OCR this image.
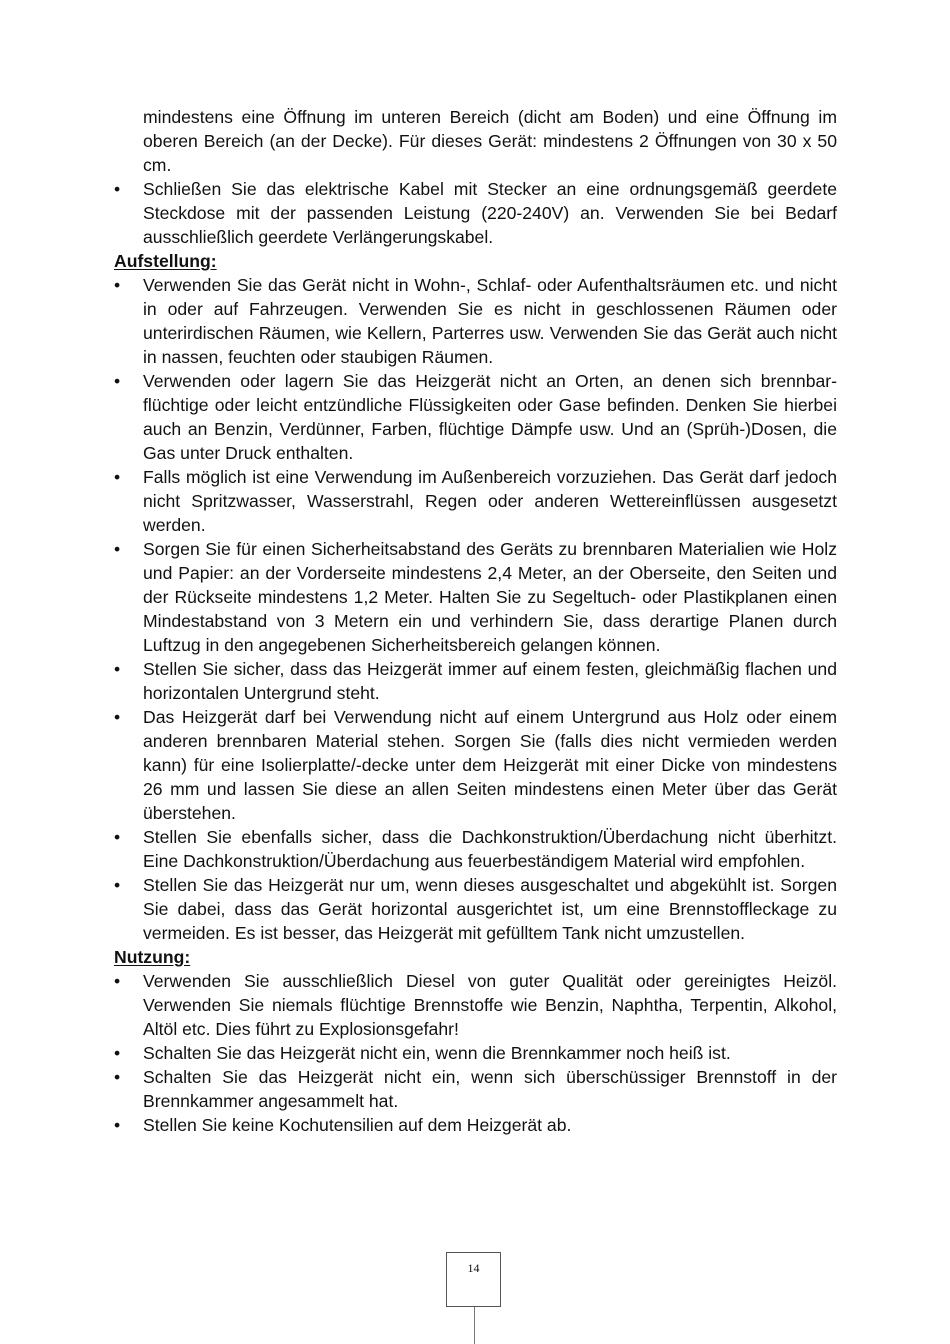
mindestens eine Öffnung im unteren Bereich (dicht am Boden) und eine Öffnung im oberen Bereich (an der Decke). Für dieses Gerät: mindestens 2 Öffnungen von 30 x 50 cm.
•	Schließen Sie das elektrische Kabel mit Stecker an eine ordnungsgemäß geerdete Steckdose mit der passenden Leistung (220-240V) an. Verwenden Sie bei Bedarf ausschließlich geerdete Verlängerungskabel.
Aufstellung:
•	Verwenden Sie das Gerät nicht in Wohn-, Schlaf- oder Aufenthaltsräumen etc. und nicht in oder auf Fahrzeugen. Verwenden Sie es nicht in geschlossenen Räumen oder unterirdischen Räumen, wie Kellern, Parterres usw. Verwenden Sie das Gerät auch nicht in nassen, feuchten oder staubigen Räumen.
•	Verwenden oder lagern Sie das Heizgerät nicht an Orten, an denen sich brennbar-flüchtige oder leicht entzündliche Flüssigkeiten oder Gase befinden. Denken Sie hierbei auch an Benzin, Verdünner, Farben, flüchtige Dämpfe usw. Und an (Sprüh-)Dosen, die Gas unter Druck enthalten.
•	Falls möglich ist eine Verwendung im Außenbereich vorzuziehen. Das Gerät darf jedoch nicht Spritzwasser, Wasserstrahl, Regen oder anderen Wettereinflüssen ausgesetzt werden.
•	Sorgen Sie für einen Sicherheitsabstand des Geräts zu brennbaren Materialien wie Holz und Papier: an der Vorderseite mindestens 2,4 Meter, an der Oberseite, den Seiten und der Rückseite mindestens 1,2 Meter. Halten Sie zu Segeltuch- oder Plastikplanen einen Mindestabstand von 3 Metern ein und verhindern Sie, dass derartige Planen durch Luftzug in den angegebenen Sicherheitsbereich gelangen können.
•	Stellen Sie sicher, dass das Heizgerät immer auf einem festen, gleichmäßig flachen und horizontalen Untergrund steht.
•	Das Heizgerät darf bei Verwendung nicht auf einem Untergrund aus Holz oder einem anderen brennbaren Material stehen. Sorgen Sie (falls dies nicht vermieden werden kann) für eine Isolierplatte/-decke unter dem Heizgerät mit einer Dicke von mindestens 26 mm und lassen Sie diese an allen Seiten mindestens einen Meter über das Gerät überstehen.
•	Stellen Sie ebenfalls sicher, dass die Dachkonstruktion/Überdachung nicht überhitzt. Eine Dachkonstruktion/Überdachung aus feuerbeständigem Material wird empfohlen.
•	Stellen Sie das Heizgerät nur um, wenn dieses ausgeschaltet und abgekühlt ist. Sorgen Sie dabei, dass das Gerät horizontal ausgerichtet ist, um eine Brennstoffleckage zu vermeiden. Es ist besser, das Heizgerät mit gefülltem Tank nicht umzustellen.
Nutzung:
•	Verwenden Sie ausschließlich Diesel von guter Qualität oder gereinigtes Heizöl. Verwenden Sie niemals flüchtige Brennstoffe wie Benzin, Naphtha, Terpentin, Alkohol, Altöl etc. Dies führt zu Explosionsgefahr!
•	Schalten Sie das Heizgerät nicht ein, wenn die Brennkammer noch heiß ist.
•	Schalten Sie das Heizgerät nicht ein, wenn sich überschüssiger Brennstoff in der Brennkammer angesammelt hat.
•	Stellen Sie keine Kochutensilien auf dem Heizgerät ab.
14
